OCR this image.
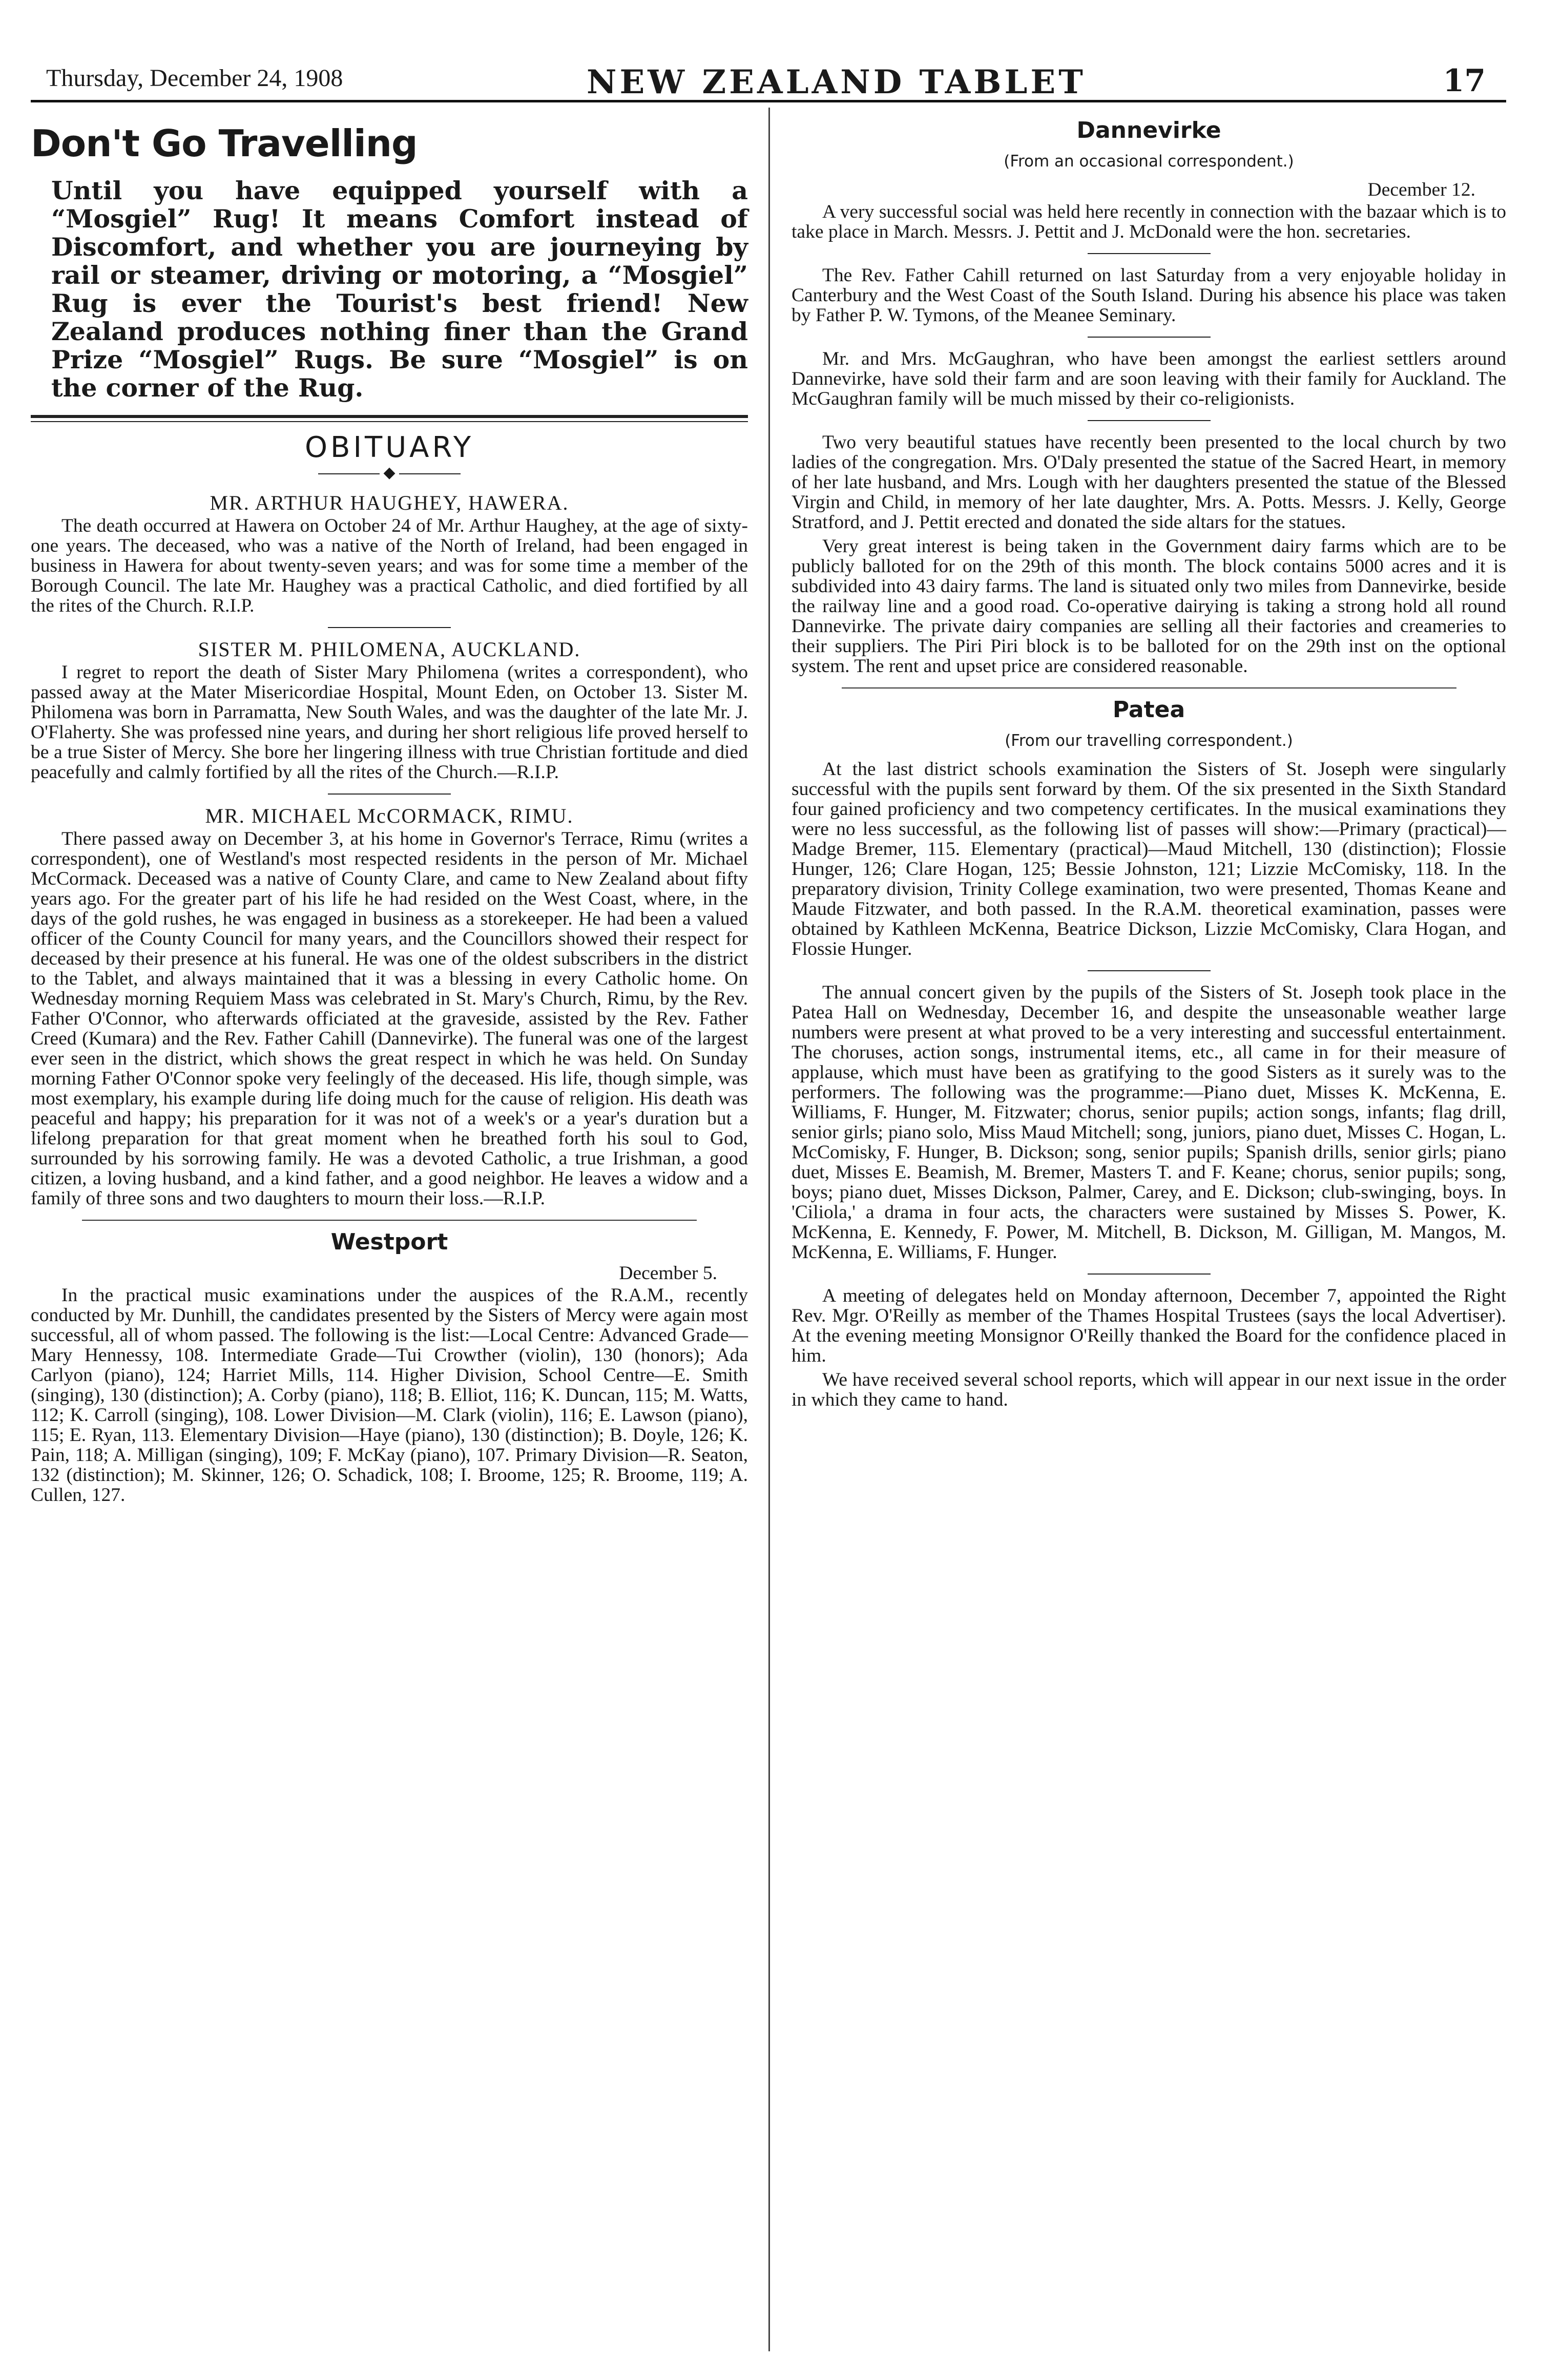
Thursday, December 24, 1908	NEW ZEALAND TABLET	17
Don't Go Travelling
Until you have equipped yourself with a “Mosgiel” Rug! It means Comfort instead of Discomfort, and whether you are journeying by rail or steamer, driving or motoring, a “Mosgiel” Rug is ever the Tourist's best friend! New Zealand produces nothing finer than the Grand Prize “Mosgiel” Rugs. Be sure “Mosgiel” is on the corner of the Rug.
OBITUARY
◆
MR. ARTHUR HAUGHEY, HAWERA.

The death occurred at Hawera on October 24 of Mr. Arthur Haughey, at the age of sixty-one years. The deceased, who was a native of the North of Ireland, had been engaged in business in Hawera for about twenty-seven years; and was for some time a member of the Borough Council. The late Mr. Haughey was a practical Catholic, and died fortified by all the rites of the Church. R.I.P.

SISTER M. PHILOMENA, AUCKLAND.

I regret to report the death of Sister Mary Philomena (writes a correspondent), who passed away at the Mater Misericordiae Hospital, Mount Eden, on October 13. Sister M. Philomena was born in Parramatta, New South Wales, and was the daughter of the late Mr. J. O'Flaherty. She was professed nine years, and during her short religious life proved herself to be a true Sister of Mercy. She bore her lingering illness with true Christian fortitude and died peacefully and calmly fortified by all the rites of the Church.—R.I.P.

MR. MICHAEL McCORMACK, RIMU.

There passed away on December 3, at his home in Governor's Terrace, Rimu (writes a correspondent), one of Westland's most respected residents in the person of Mr. Michael McCormack. Deceased was a native of County Clare, and came to New Zealand about fifty years ago. For the greater part of his life he had resided on the West Coast, where, in the days of the gold rushes, he was engaged in business as a storekeeper. He had been a valued officer of the County Council for many years, and the Councillors showed their respect for deceased by their presence at his funeral. He was one of the oldest subscribers in the district to the Tablet, and always maintained that it was a blessing in every Catholic home. On Wednesday morning Requiem Mass was celebrated in St. Mary's Church, Rimu, by the Rev. Father O'Connor, who afterwards officiated at the graveside, assisted by the Rev. Father Creed (Kumara) and the Rev. Father Cahill (Dannevirke). The funeral was one of the largest ever seen in the district, which shows the great respect in which he was held. On Sunday morning Father O'Connor spoke very feelingly of the deceased. His life, though simple, was most exemplary, his example during life doing much for the cause of religion. His death was peaceful and happy; his preparation for it was not of a week's or a year's duration but a lifelong preparation for that great moment when he breathed forth his soul to God, surrounded by his sorrowing family. He was a devoted Catholic, a true Irishman, a good citizen, a loving husband, and a kind father, and a good neighbor. He leaves a widow and a family of three sons and two daughters to mourn their loss.—R.I.P.

Westport
December 5.

In the practical music examinations under the auspices of the R.A.M., recently conducted by Mr. Dunhill, the candidates presented by the Sisters of Mercy were again most successful, all of whom passed. The following is the list:—Local Centre: Advanced Grade—Mary Hennessy, 108. Intermediate Grade—Tui Crowther (violin), 130 (honors); Ada Carlyon (piano), 124; Harriet Mills, 114. Higher Division, School Centre—E. Smith (singing), 130 (distinction); A. Corby (piano), 118; B. Elliot, 116; K. Duncan, 115; M. Watts, 112; K. Carroll (singing), 108. Lower Division—M. Clark (violin), 116; E. Lawson (piano), 115; E. Ryan, 113. Elementary Division—Haye (piano), 130 (distinction); B. Doyle, 126; K. Pain, 118; A. Milligan (singing), 109; F. McKay (piano), 107. Primary Division—R. Seaton, 132 (distinction); M. Skinner, 126; O. Schadick, 108; I. Broome, 125; R. Broome, 119; A. Cullen, 127.

Dannevirke
(From an occasional correspondent.)
December 12.

A very successful social was held here recently in connection with the bazaar which is to take place in March. Messrs. J. Pettit and J. McDonald were the hon. secretaries.

The Rev. Father Cahill returned on last Saturday from a very enjoyable holiday in Canterbury and the West Coast of the South Island. During his absence his place was taken by Father P. W. Tymons, of the Meanee Seminary.

Mr. and Mrs. McGaughran, who have been amongst the earliest settlers around Dannevirke, have sold their farm and are soon leaving with their family for Auckland. The McGaughran family will be much missed by their co-religionists.

Two very beautiful statues have recently been presented to the local church by two ladies of the congregation. Mrs. O'Daly presented the statue of the Sacred Heart, in memory of her late husband, and Mrs. Lough with her daughters presented the statue of the Blessed Virgin and Child, in memory of her late daughter, Mrs. A. Potts. Messrs. J. Kelly, George Stratford, and J. Pettit erected and donated the side altars for the statues.

Very great interest is being taken in the Government dairy farms which are to be publicly balloted for on the 29th of this month. The block contains 5000 acres and it is subdivided into 43 dairy farms. The land is situated only two miles from Dannevirke, beside the railway line and a good road. Co-operative dairying is taking a strong hold all round Dannevirke. The private dairy companies are selling all their factories and creameries to their suppliers. The Piri Piri block is to be balloted for on the 29th inst on the optional system. The rent and upset price are considered reasonable.

Patea
(From our travelling correspondent.)

At the last district schools examination the Sisters of St. Joseph were singularly successful with the pupils sent forward by them. Of the six presented in the Sixth Standard four gained proficiency and two competency certificates. In the musical examinations they were no less successful, as the following list of passes will show:—Primary (practical)—Madge Bremer, 115. Elementary (practical)—Maud Mitchell, 130 (distinction); Flossie Hunger, 126; Clare Hogan, 125; Bessie Johnston, 121; Lizzie McComisky, 118. In the preparatory division, Trinity College examination, two were presented, Thomas Keane and Maude Fitzwater, and both passed. In the R.A.M. theoretical examination, passes were obtained by Kathleen McKenna, Beatrice Dickson, Lizzie McComisky, Clara Hogan, and Flossie Hunger.

The annual concert given by the pupils of the Sisters of St. Joseph took place in the Patea Hall on Wednesday, December 16, and despite the unseasonable weather large numbers were present at what proved to be a very interesting and successful entertainment. The choruses, action songs, instrumental items, etc., all came in for their measure of applause, which must have been as gratifying to the good Sisters as it surely was to the performers. The following was the programme:—Piano duet, Misses K. McKenna, E. Williams, F. Hunger, M. Fitzwater; chorus, senior pupils; action songs, infants; flag drill, senior girls; piano solo, Miss Maud Mitchell; song, juniors, piano duet, Misses C. Hogan, L. McComisky, F. Hunger, B. Dickson; song, senior pupils; Spanish drills, senior girls; piano duet, Misses E. Beamish, M. Bremer, Masters T. and F. Keane; chorus, senior pupils; song, boys; piano duet, Misses Dickson, Palmer, Carey, and E. Dickson; club-swinging, boys. In 'Ciliola,' a drama in four acts, the characters were sustained by Misses S. Power, K. McKenna, E. Kennedy, F. Power, M. Mitchell, B. Dickson, M. Gilligan, M. Mangos, M. McKenna, E. Williams, F. Hunger.

A meeting of delegates held on Monday afternoon, December 7, appointed the Right Rev. Mgr. O'Reilly as member of the Thames Hospital Trustees (says the local Advertiser). At the evening meeting Monsignor O'Reilly thanked the Board for the confidence placed in him.

We have received several school reports, which will appear in our next issue in the order in which they came to hand.
